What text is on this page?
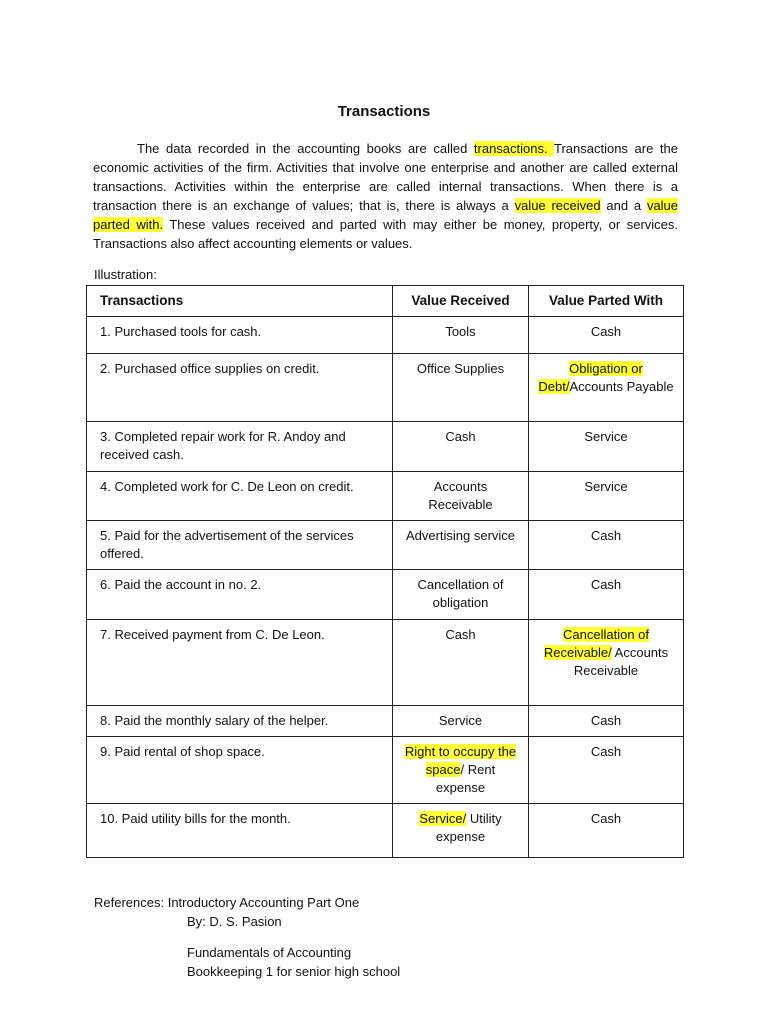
Transactions

The data recorded in the accounting books are called transactions. Transactions are the economic activities of the firm. Activities that involve one enterprise and another are called external transactions. Activities within the enterprise are called internal transactions. When there is a transaction there is an exchange of values; that is, there is always a value received and a value parted with. These values received and parted with may either be money, property, or services. Transactions also affect accounting elements or values.

Illustration:
Transactions	Value Received	Value Parted With
1. Purchased tools for cash.	Tools	Cash
2. Purchased office supplies on credit.	Office Supplies	Obligation or Debt/Accounts Payable
3. Completed repair work for R. Andoy and received cash.	Cash	Service
4. Completed work for C. De Leon on credit.	Accounts Receivable	Service
5. Paid for the advertisement of the services offered.	Advertising service	Cash
6. Paid the account in no. 2.	Cancellation of obligation	Cash
7. Received payment from C. De Leon.	Cash	Cancellation of Receivable/ Accounts Receivable
8. Paid the monthly salary of the helper.	Service	Cash
9. Paid rental of shop space.	Right to occupy the space/ Rent expense	Cash
10. Paid utility bills for the month.	Service/ Utility expense	Cash
References: Introductory Accounting Part One
By: D. S. Pasion
Fundamentals of Accounting
Bookkeeping 1 for senior high school
